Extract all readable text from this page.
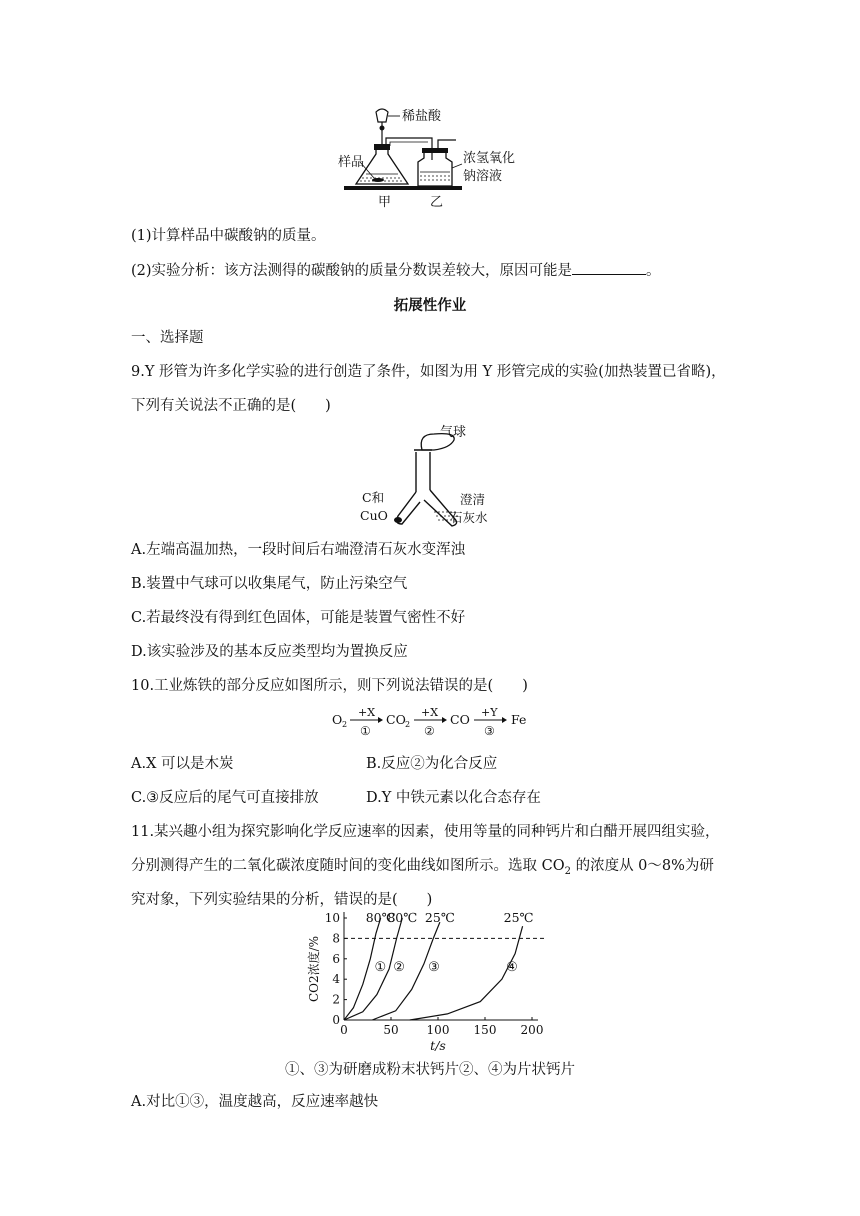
稀盐酸
样品	浓氢氧化
钠溶液
甲	乙
(1)计算样品中碳酸钠的质量。
(2)实验分析：该方法测得的碳酸钠的质量分数误差较大，原因可能是	。
拓展性作业
一、选择题
9.Y 形管为许多化学实验的进行创造了条件，如图为用 Y 形管完成的实验(加热装置已省略)，
下列有关说法不正确的是(　　)
气球
C和
CuO
澄清
石灰水
A.左端高温加热，一段时间后右端澄清石灰水变浑浊
B.装置中气球可以收集尾气，防止污染空气
C.若最终没有得到红色固体，可能是装置气密性不好
D.该实验涉及的基本反应类型均为置换反应
10.工业炼铁的部分反应如图所示，则下列说法错误的是(　　)
O 2
+X
①
CO 2
+X
②
CO +Y
③
Fe
A.X 可以是木炭	B.反应②为化合反应
C.③反应后的尾气可直接排放	D.Y 中铁元素以化合态存在
11.某兴趣小组为探究影响化学反应速率的因素，使用等量的同种钙片和白醋开展四组实验，
分别测得产生的二氧化碳浓度随时间的变化曲线如图所示。选取 $CO_2$ 的浓度从 0～8%为研
究对象，下列实验结果的分析，错误的是(　　)
0	50 100 150 200
0
2
4
6
8
10
t/s
CO2浓度/%
80℃
①
80℃
②
25℃
③
25℃
④
①、③为研磨成粉末状钙片②、④为片状钙片
A.对比①③，温度越高，反应速率越快
